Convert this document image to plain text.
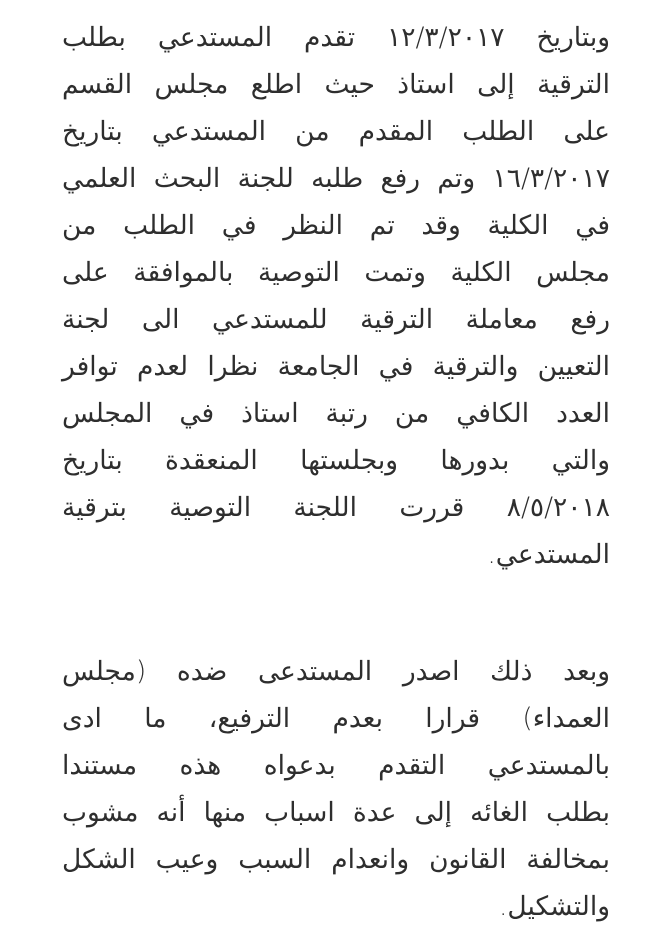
وبتاريخ ١٢/٣/٢٠١٧ تقدم المستدعي بطلب
الترقية إلى استاذ حيث اطلع مجلس القسم
على الطلب المقدم من المستدعي بتاريخ
١٦/٣/٢٠١٧ وتم رفع طلبه للجنة البحث العلمي
في الكلية وقد تم النظر في الطلب من
مجلس الكلية وتمت التوصية بالموافقة على
رفع معاملة الترقية للمستدعي الى لجنة
التعيين والترقية في الجامعة نظرا لعدم توافر
العدد الكافي من رتبة استاذ في المجلس
والتي بدورها وبجلستها المنعقدة بتاريخ
٨/٥/٢٠١٨ قررت اللجنة التوصية بترقية
المستدعي.
وبعد ذلك اصدر المستدعى ضده (مجلس
العمداء) قرارا بعدم الترفيع، ما ادى
بالمستدعي التقدم بدعواه هذه مستندا
بطلب الغائه إلى عدة اسباب منها أنه مشوب
بمخالفة القانون وانعدام السبب وعيب الشكل
والتشكيل.
